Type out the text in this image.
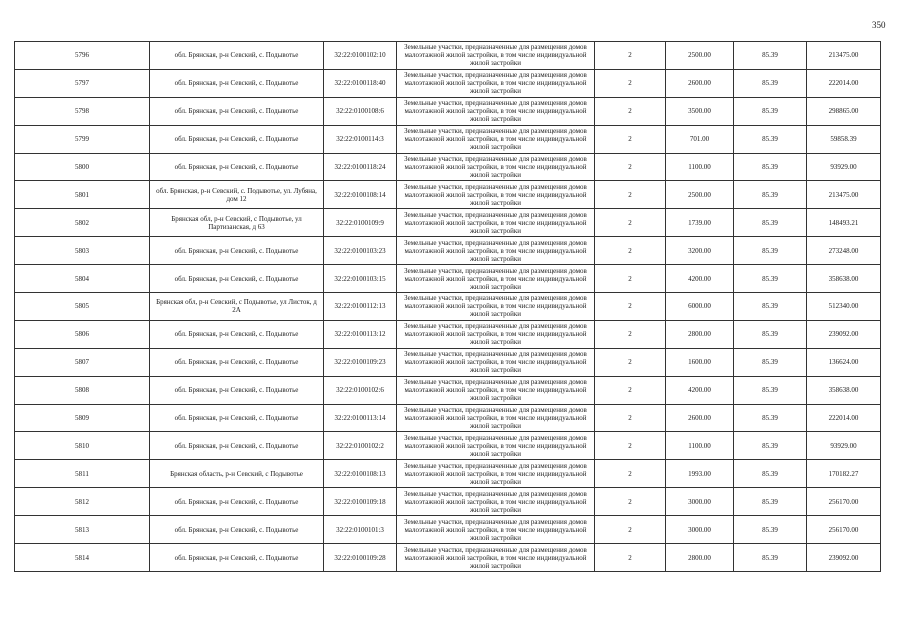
350
5796	обл. Брянская, р-н Севский, с. Подывотье	32:22:0100102:10	Земельные участки, предназначенные для размещения домов малоэтажной жилой застройки, в том числе индивидуальной жилой застройки	2	2500.00	85.39	213475.00
5797	обл. Брянская, р-н Севский, с. Подывотье	32:22:0100118:40	Земельные участки, предназначенные для размещения домов малоэтажной жилой застройки, в том числе индивидуальной жилой застройки	2	2600.00	85.39	222014.00
5798	обл. Брянская, р-н Севский, с. Подывотье	32:22:0100108:6	Земельные участки, предназначенные для размещения домов малоэтажной жилой застройки, в том числе индивидуальной жилой застройки	2	3500.00	85.39	298865.00
5799	обл. Брянская, р-н Севский, с. Подывотье	32:22:0100114:3	Земельные участки, предназначенные для размещения домов малоэтажной жилой застройки, в том числе индивидуальной жилой застройки	2	701.00	85.39	59858.39
5800	обл. Брянская, р-н Севский, с. Подывотье	32:22:0100118:24	Земельные участки, предназначенные для размещения домов малоэтажной жилой застройки, в том числе индивидуальной жилой застройки	2	1100.00	85.39	93929.00
5801	обл. Брянская, р-н Севский, с. Подывотье, ул. Лубяна, дом 12	32:22:0100108:14	Земельные участки, предназначенные для размещения домов малоэтажной жилой застройки, в том числе индивидуальной жилой застройки	2	2500.00	85.39	213475.00
5802	Брянская обл, р-н Севский, с Подывотье, ул Партизанская, д 63	32:22:0100109:9	Земельные участки, предназначенные для размещения домов малоэтажной жилой застройки, в том числе индивидуальной жилой застройки	2	1739.00	85.39	148493.21
5803	обл. Брянская, р-н Севский, с. Подывотье	32:22:0100103:23	Земельные участки, предназначенные для размещения домов малоэтажной жилой застройки, в том числе индивидуальной жилой застройки	2	3200.00	85.39	273248.00
5804	обл. Брянская, р-н Севский, с. Подывотье	32:22:0100103:15	Земельные участки, предназначенные для размещения домов малоэтажной жилой застройки, в том числе индивидуальной жилой застройки	2	4200.00	85.39	358638.00
5805	Брянская обл, р-н Севский, с Подывотье, ул Листок, д 2А	32:22:0100112:13	Земельные участки, предназначенные для размещения домов малоэтажной жилой застройки, в том числе индивидуальной жилой застройки	2	6000.00	85.39	512340.00
5806	обл. Брянская, р-н Севский, с. Подывотье	32:22:0100113:12	Земельные участки, предназначенные для размещения домов малоэтажной жилой застройки, в том числе индивидуальной жилой застройки	2	2800.00	85.39	239092.00
5807	обл. Брянская, р-н Севский, с. Подывотье	32:22:0100109:23	Земельные участки, предназначенные для размещения домов малоэтажной жилой застройки, в том числе индивидуальной жилой застройки	2	1600.00	85.39	136624.00
5808	обл. Брянская, р-н Севский, с. Подывотье	32:22:0100102:6	Земельные участки, предназначенные для размещения домов малоэтажной жилой застройки, в том числе индивидуальной жилой застройки	2	4200.00	85.39	358638.00
5809	обл. Брянская, р-н Севский, с. Подывотье	32:22:0100113:14	Земельные участки, предназначенные для размещения домов малоэтажной жилой застройки, в том числе индивидуальной жилой застройки	2	2600.00	85.39	222014.00
5810	обл. Брянская, р-н Севский, с. Подывотье	32:22:0100102:2	Земельные участки, предназначенные для размещения домов малоэтажной жилой застройки, в том числе индивидуальной жилой застройки	2	1100.00	85.39	93929.00
5811	Брянская область, р-н Севский, с Подывотье	32:22:0100108:13	Земельные участки, предназначенные для размещения домов малоэтажной жилой застройки, в том числе индивидуальной жилой застройки	2	1993.00	85.39	170182.27
5812	обл. Брянская, р-н Севский, с. Подывотье	32:22:0100109:18	Земельные участки, предназначенные для размещения домов малоэтажной жилой застройки, в том числе индивидуальной жилой застройки	2	3000.00	85.39	256170.00
5813	обл. Брянская, р-н Севский, с. Подывотье	32:22:0100101:3	Земельные участки, предназначенные для размещения домов малоэтажной жилой застройки, в том числе индивидуальной жилой застройки	2	3000.00	85.39	256170.00
5814	обл. Брянская, р-н Севский, с. Подывотье	32:22:0100109:28	Земельные участки, предназначенные для размещения домов малоэтажной жилой застройки, в том числе индивидуальной жилой застройки	2	2800.00	85.39	239092.00
